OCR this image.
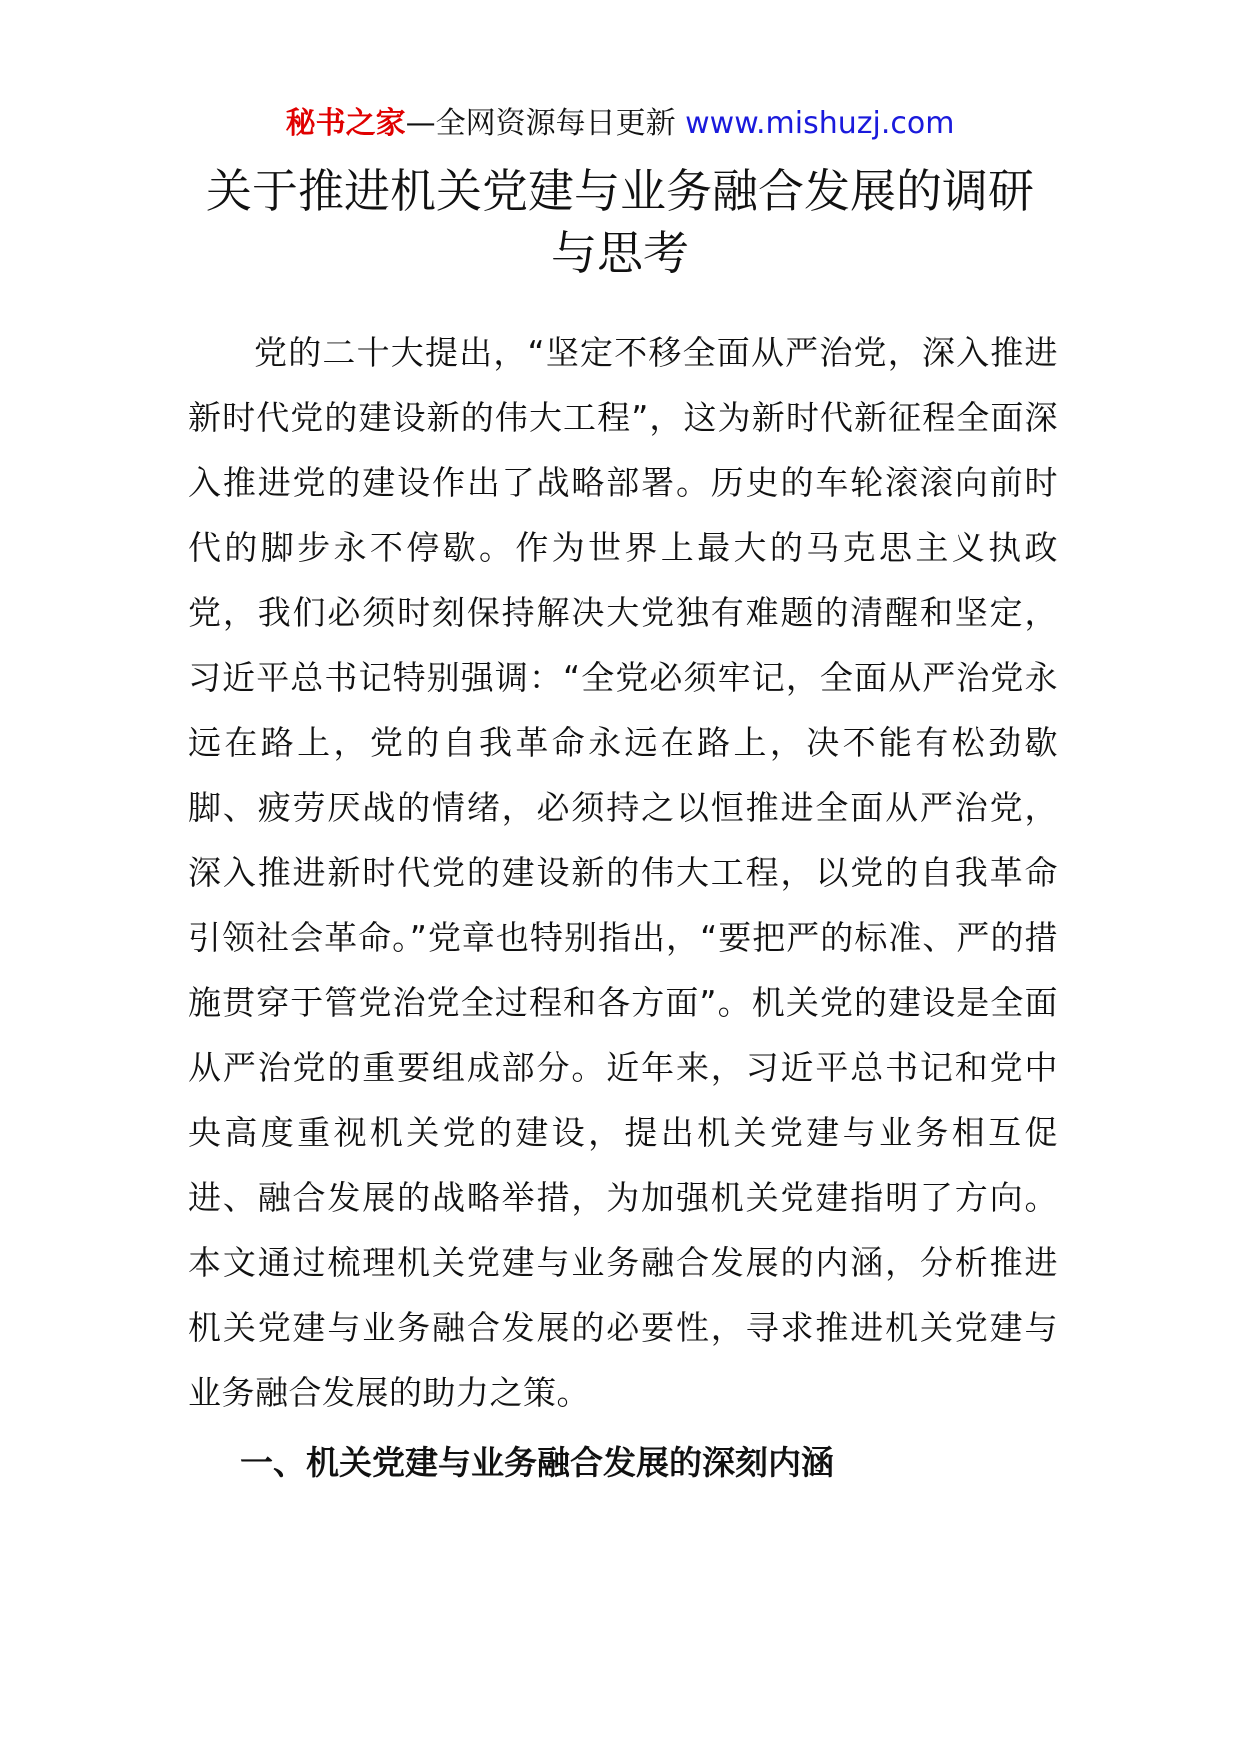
秘书之家—全网资源每日更新 www.mishuzj.com
关于推进机关党建与业务融合发展的调研
与思考

党的二十大提出，“坚定不移全面从严治党，深入推进新时代党的建设新的伟大工程”，这为新时代新征程全面深入推进党的建设作出了战略部署。历史的车轮滚滚向前时代的脚步永不停歇。作为世界上最大的马克思主义执政党，我们必须时刻保持解决大党独有难题的清醒和坚定，习近平总书记特别强调：“全党必须牢记，全面从严治党永远在路上，党的自我革命永远在路上，决不能有松劲歇脚、疲劳厌战的情绪，必须持之以恒推进全面从严治党，深入推进新时代党的建设新的伟大工程，以党的自我革命引领社会革命。”党章也特别指出，“要把严的标准、严的措施贯穿于管党治党全过程和各方面”。机关党的建设是全面从严治党的重要组成部分。近年来，习近平总书记和党中央高度重视机关党的建设，提出机关党建与业务相互促进、融合发展的战略举措，为加强机关党建指明了方向。本文通过梳理机关党建与业务融合发展的内涵，分析推进机关党建与业务融合发展的必要性，寻求推进机关党建与业务融合发展的助力之策。

一、机关党建与业务融合发展的深刻内涵
